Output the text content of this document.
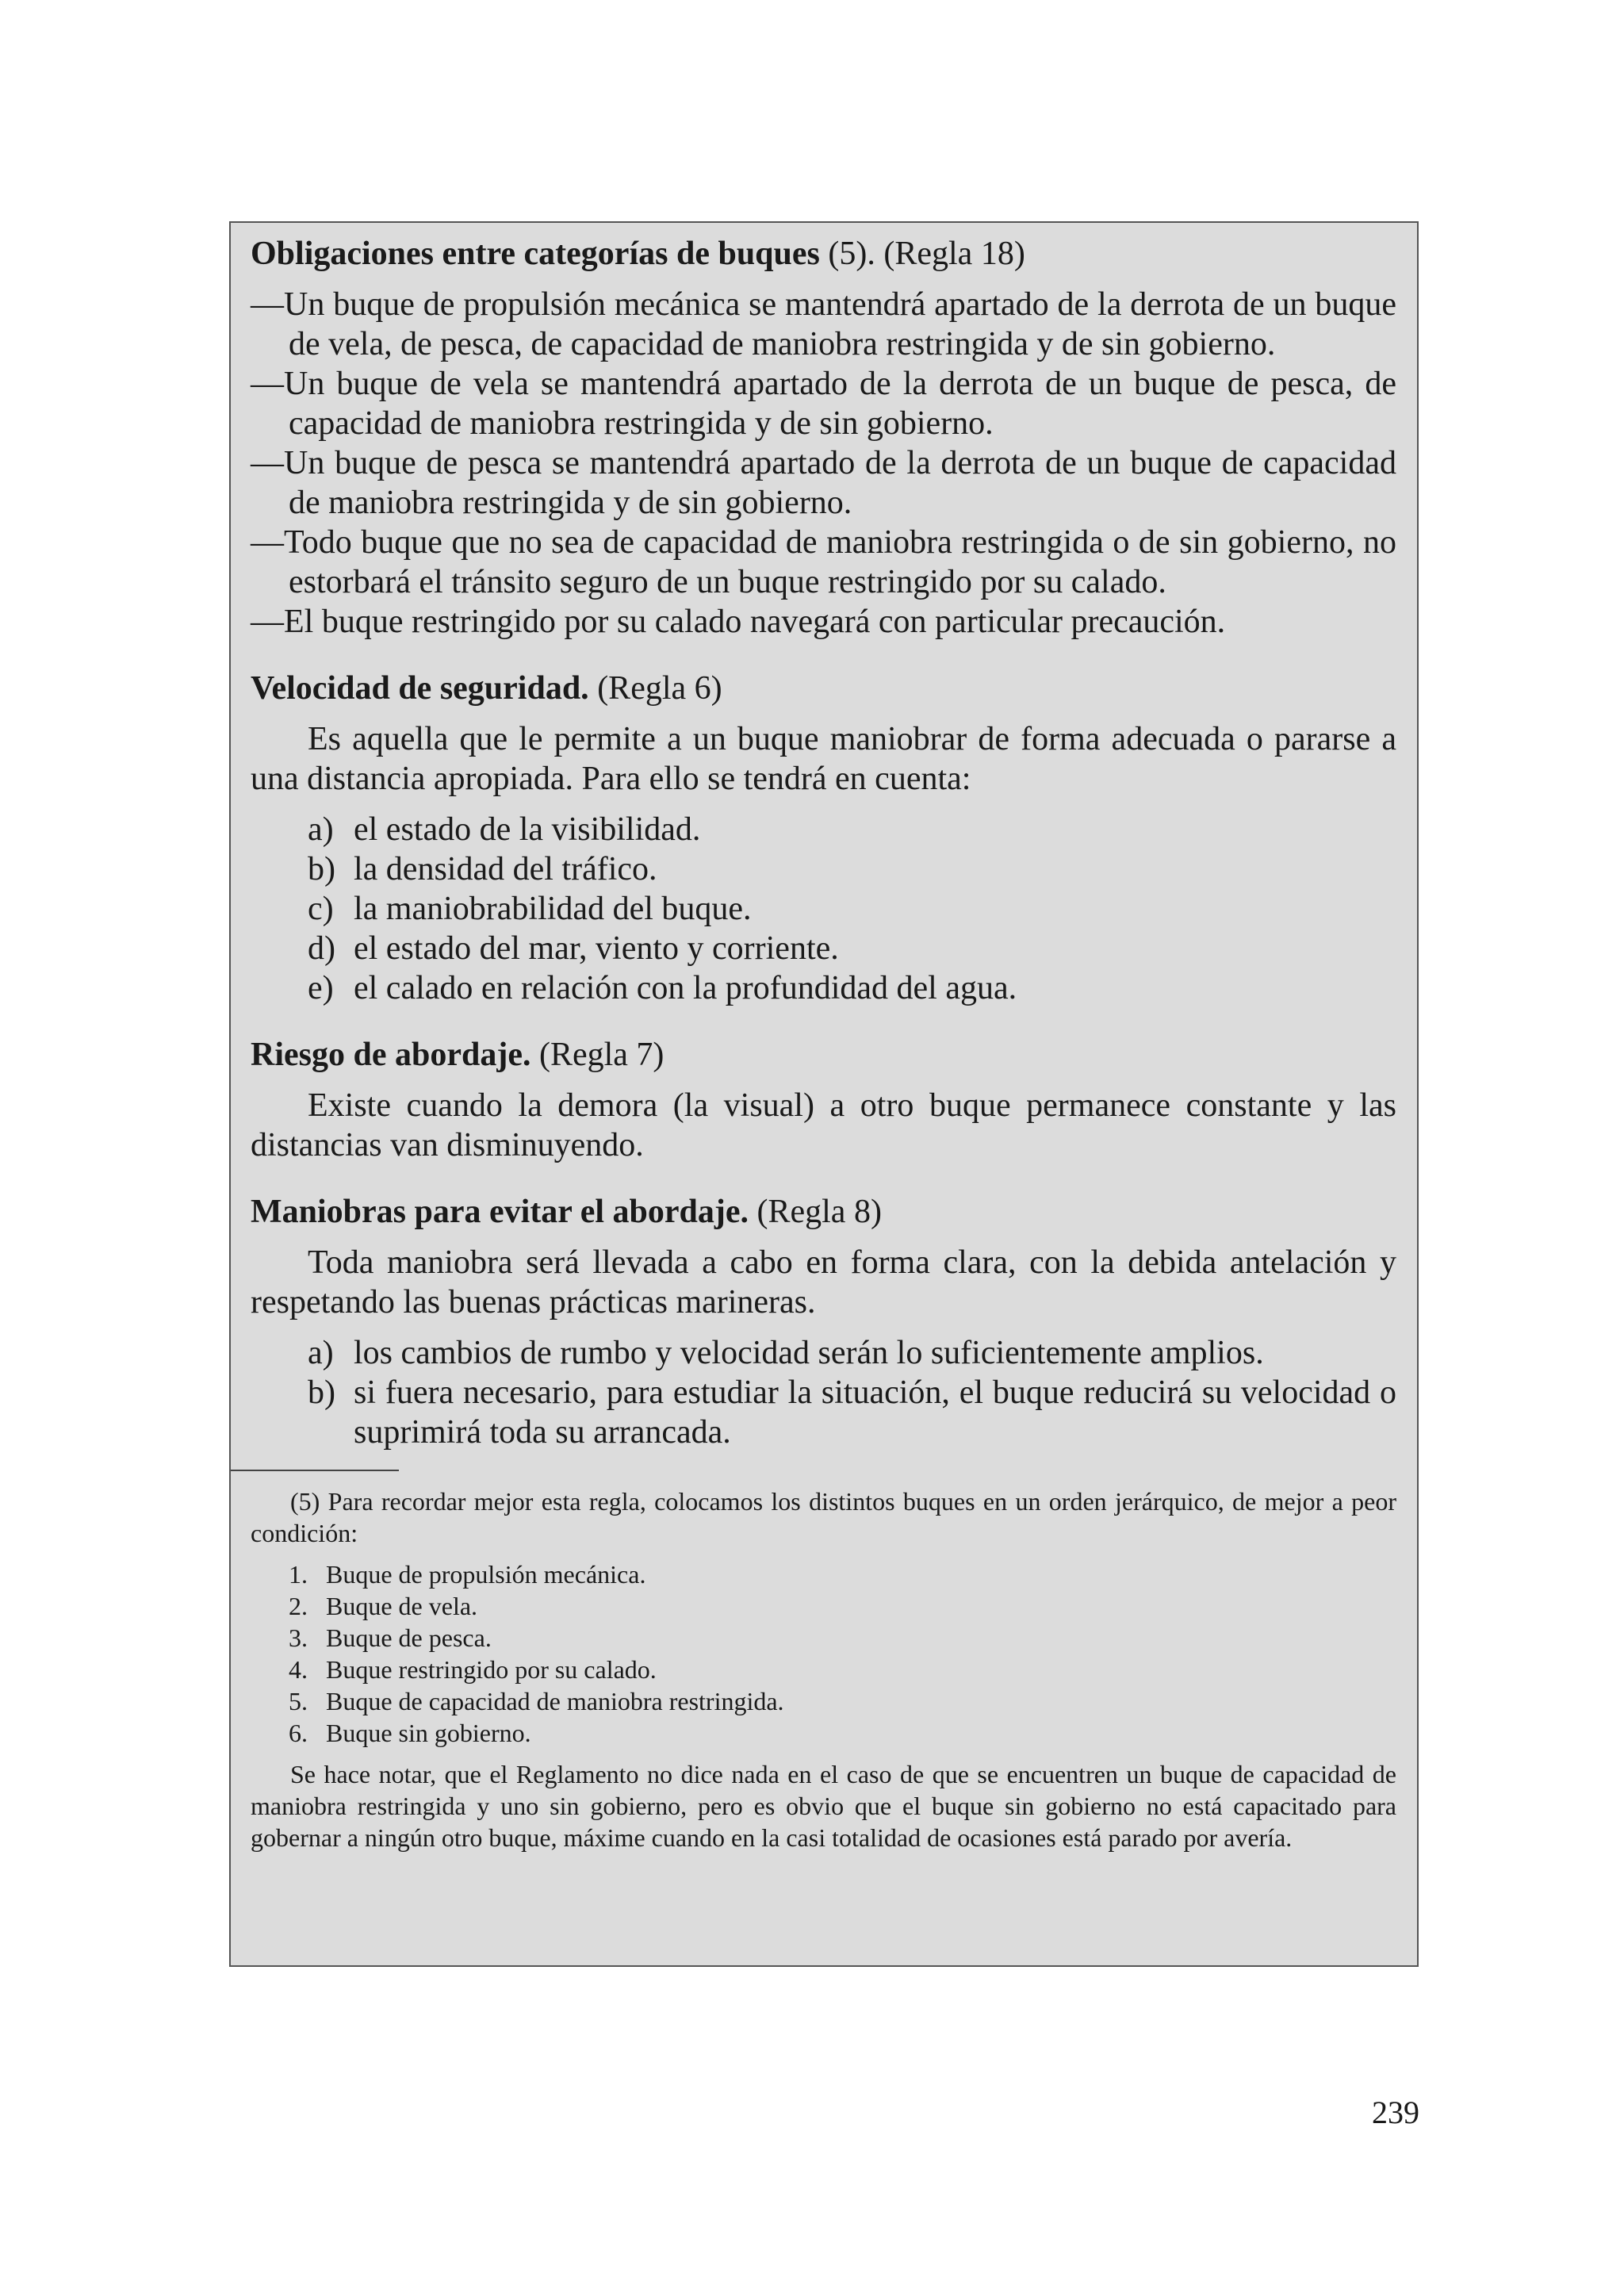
Obligaciones entre categorías de buques (5). (Regla 18)

—Un buque de propulsión mecánica se mantendrá apartado de la derrota de un buque de vela, de pesca, de capacidad de maniobra restringida y de sin gobierno.
—Un buque de vela se mantendrá apartado de la derrota de un buque de pesca, de capacidad de maniobra restringida y de sin gobierno.
—Un buque de pesca se mantendrá apartado de la derrota de un buque de capacidad de maniobra restringida y de sin gobierno.
—Todo buque que no sea de capacidad de maniobra restringida o de sin gobierno, no estorbará el tránsito seguro de un buque restringido por su calado.
—El buque restringido por su calado navegará con particular precaución.

Velocidad de seguridad. (Regla 6)

Es aquella que le permite a un buque maniobrar de forma adecuada o pararse a una distancia apropiada. Para ello se tendrá en cuenta:

a) el estado de la visibilidad.
b) la densidad del tráfico.
c) la maniobrabilidad del buque.
d) el estado del mar, viento y corriente.
e) el calado en relación con la profundidad del agua.

Riesgo de abordaje. (Regla 7)

Existe cuando la demora (la visual) a otro buque permanece constante y las distancias van disminuyendo.

Maniobras para evitar el abordaje. (Regla 8)

Toda maniobra será llevada a cabo en forma clara, con la debida antelación y respetando las buenas prácticas marineras.

a) los cambios de rumbo y velocidad serán lo suficientemente amplios.
b) si fuera necesario, para estudiar la situación, el buque reducirá su velocidad o suprimirá toda su arrancada.

(5) Para recordar mejor esta regla, colocamos los distintos buques en un orden jerárquico, de mejor a peor condición:

1. Buque de propulsión mecánica.
2. Buque de vela.
3. Buque de pesca.
4. Buque restringido por su calado.
5. Buque de capacidad de maniobra restringida.
6. Buque sin gobierno.

Se hace notar, que el Reglamento no dice nada en el caso de que se encuentren un buque de capacidad de maniobra restringida y uno sin gobierno, pero es obvio que el buque sin gobierno no está capacitado para gobernar a ningún otro buque, máxime cuando en la casi totalidad de ocasiones está parado por avería.

239
